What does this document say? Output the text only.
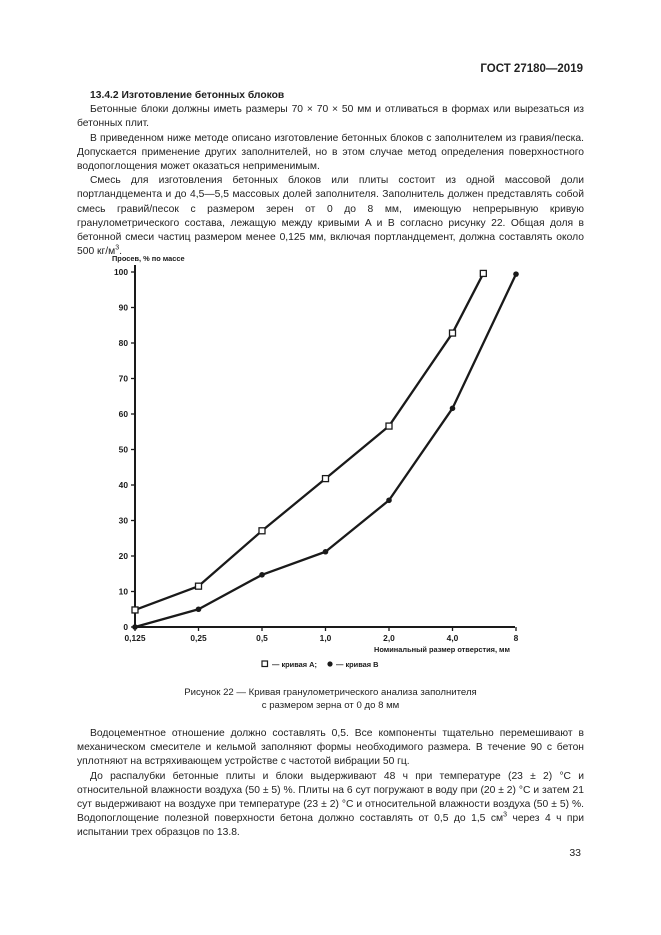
ГОСТ 27180—2019

13.4.2 Изготовление бетонных блоков

Бетонные блоки должны иметь размеры 70 × 70 × 50 мм и отливаться в формах или вырезаться из бетонных плит.

В приведенном ниже методе описано изготовление бетонных блоков с заполнителем из гравия/песка. Допускается применение других заполнителей, но в этом случае метод определения поверхностного водопоглощения может оказаться неприменимым.

Смесь для изготовления бетонных блоков или плиты состоит из одной массовой доли портландцемента и до 4,5—5,5 массовых долей заполнителя. Заполнитель должен представлять собой смесь гравий/песок с размером зерен от 0 до 8 мм, имеющую непрерывную кривую гранулометрического состава, лежащую между кривыми A и B согласно рисунку 22. Общая доля в бетонной смеси частиц размером менее 0,125 мм, включая портландцемент, должна составлять около 500 $кг/м^3$.

Просев, % по массе
Номинальный размер отверстия, мм
0
10
20
30
40
50
60
70
80
90
100
0,125	0,25	0,5	1,0	2,0	4,0	8
— кривая А;	— кривая В
Рисунок 22 — Кривая гранулометрического анализа заполнителя
с размером зерна от 0 до 8 мм

Водоцементное отношение должно составлять 0,5. Все компоненты тщательно перемешивают в механическом смесителе и кельмой заполняют формы необходимого размера. В течение 90 с бетон уплотняют на встряхивающем устройстве с частотой вибрации 50 гц.

До распалубки бетонные плиты и блоки выдерживают 48 ч при температуре (23 ± 2) °С и относительной влажности воздуха (50 ± 5) %. Плиты на 6 сут погружают в воду при (20 ± 2) °С и затем 21 сут выдерживают на воздухе при температуре (23 ± 2) °С и относительной влажности воздуха (50 ± 5) %. Водопоглощение полезной поверхности бетона должно составлять от 0,5 до 1,5 $см^3$ через 4 ч при испытании трех образцов по 13.8.

33
